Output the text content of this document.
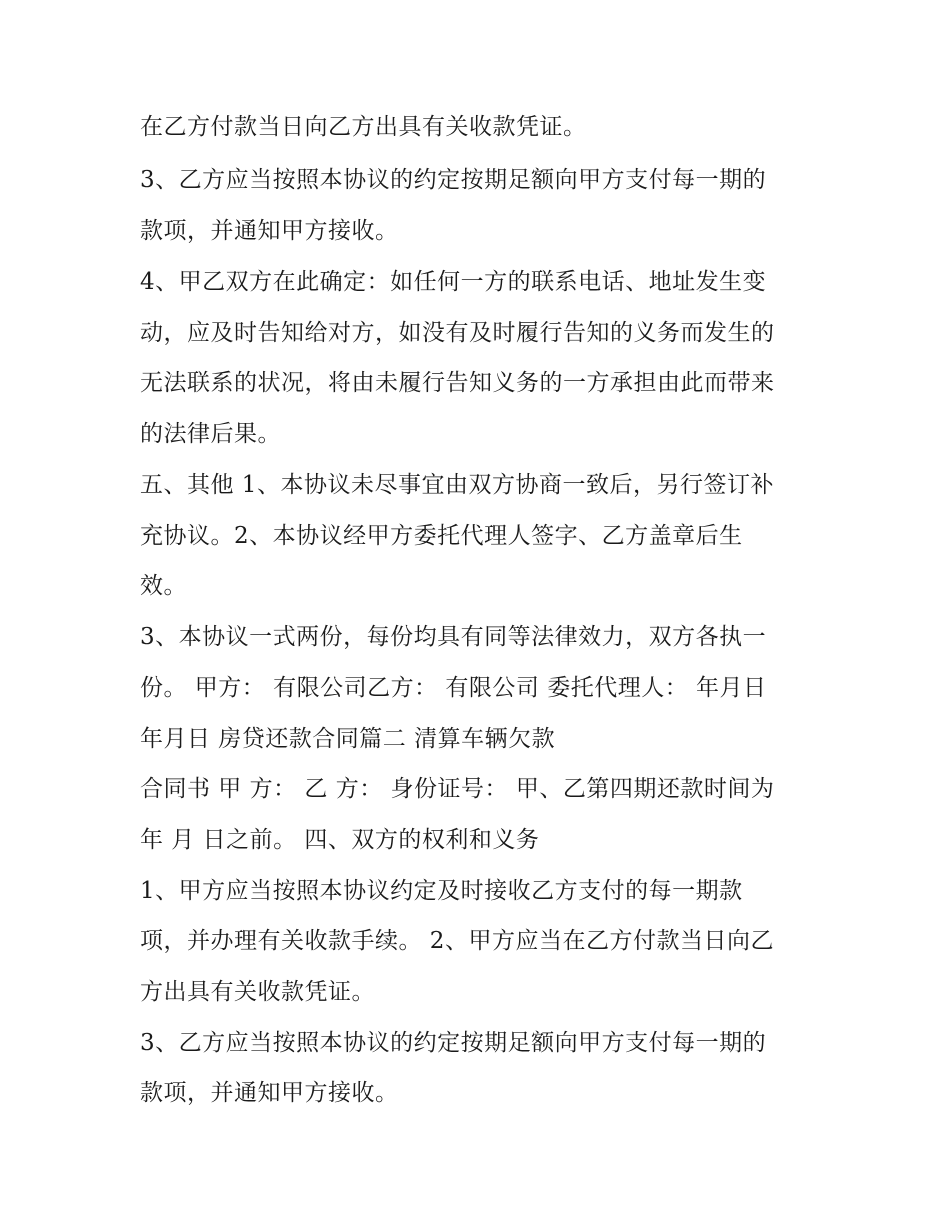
在乙方付款当日向乙方出具有关收款凭证。
3、乙方应当按照本协议的约定按期足额向甲方支付每一期的
款项，并通知甲方接收。
4、甲乙双方在此确定：如任何一方的联系电话、地址发生变
动，应及时告知给对方，如没有及时履行告知的义务而发生的
无法联系的状况，将由未履行告知义务的一方承担由此而带来
的法律后果。
五、其他 1、本协议未尽事宜由双方协商一致后，另行签订补
充协议。2、本协议经甲方委托代理人签字、乙方盖章后生
效。
3、本协议一式两份，每份均具有同等法律效力，双方各执一
份。 甲方： 有限公司乙方： 有限公司 委托代理人： 年月日
年月日 房贷还款合同篇二 清算车辆欠款
合同书 甲 方： 乙 方： 身份证号： 甲、乙第四期还款时间为
年 月 日之前。 四、双方的权利和义务
1、甲方应当按照本协议约定及时接收乙方支付的每一期款
项，并办理有关收款手续。 2、甲方应当在乙方付款当日向乙
方出具有关收款凭证。
3、乙方应当按照本协议的约定按期足额向甲方支付每一期的
款项，并通知甲方接收。
